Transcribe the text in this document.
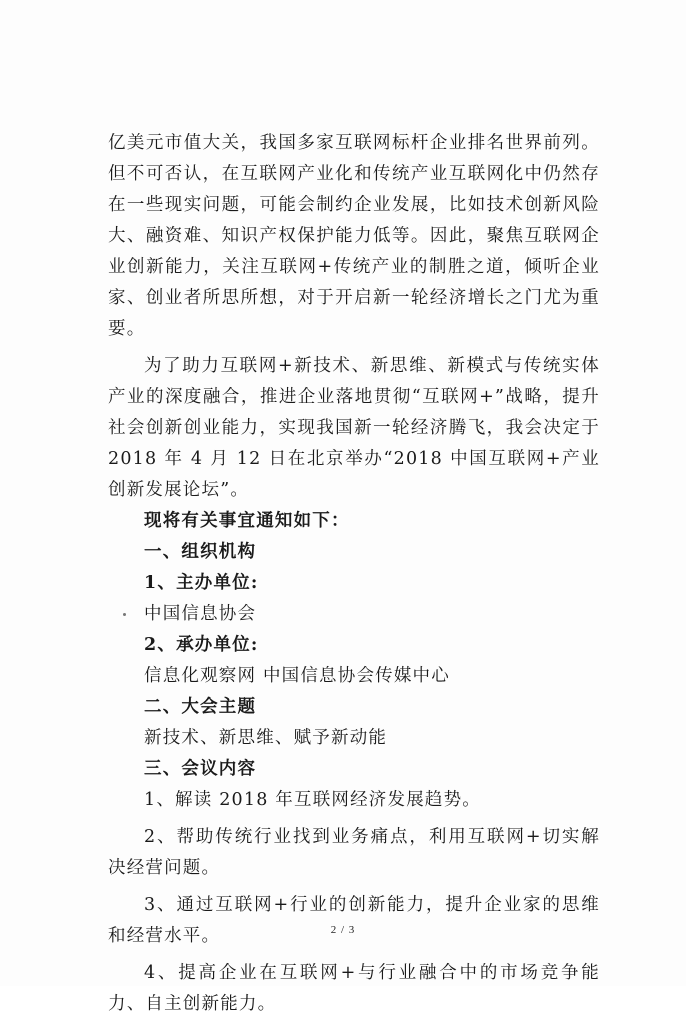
亿美元市值大关，我国多家互联网标杆企业排名世界前列。但不可否认，在互联网产业化和传统产业互联网化中仍然存在一些现实问题，可能会制约企业发展，比如技术创新风险大、融资难、知识产权保护能力低等。因此，聚焦互联网企业创新能力，关注互联网+传统产业的制胜之道，倾听企业家、创业者所思所想，对于开启新一轮经济增长之门尤为重要。

为了助力互联网+新技术、新思维、新模式与传统实体产业的深度融合，推进企业落地贯彻“互联网+”战略，提升社会创新创业能力，实现我国新一轮经济腾飞，我会决定于 2018 年 4 月 12 日在北京举办“2018 中国互联网+产业创新发展论坛”。

现将有关事宜通知如下：

一、组织机构

1、主办单位:

中国信息协会

2、承办单位:

信息化观察网 中国信息协会传媒中心

二、大会主题

新技术、新思维、赋予新动能

三、会议内容

1、解读 2018 年互联网经济发展趋势。

2、帮助传统行业找到业务痛点，利用互联网+切实解决经营问题。

3、通过互联网+行业的创新能力，提升企业家的思维和经营水平。

4、提高企业在互联网+与行业融合中的市场竞争能力、自主创新能力。

2 / 3
